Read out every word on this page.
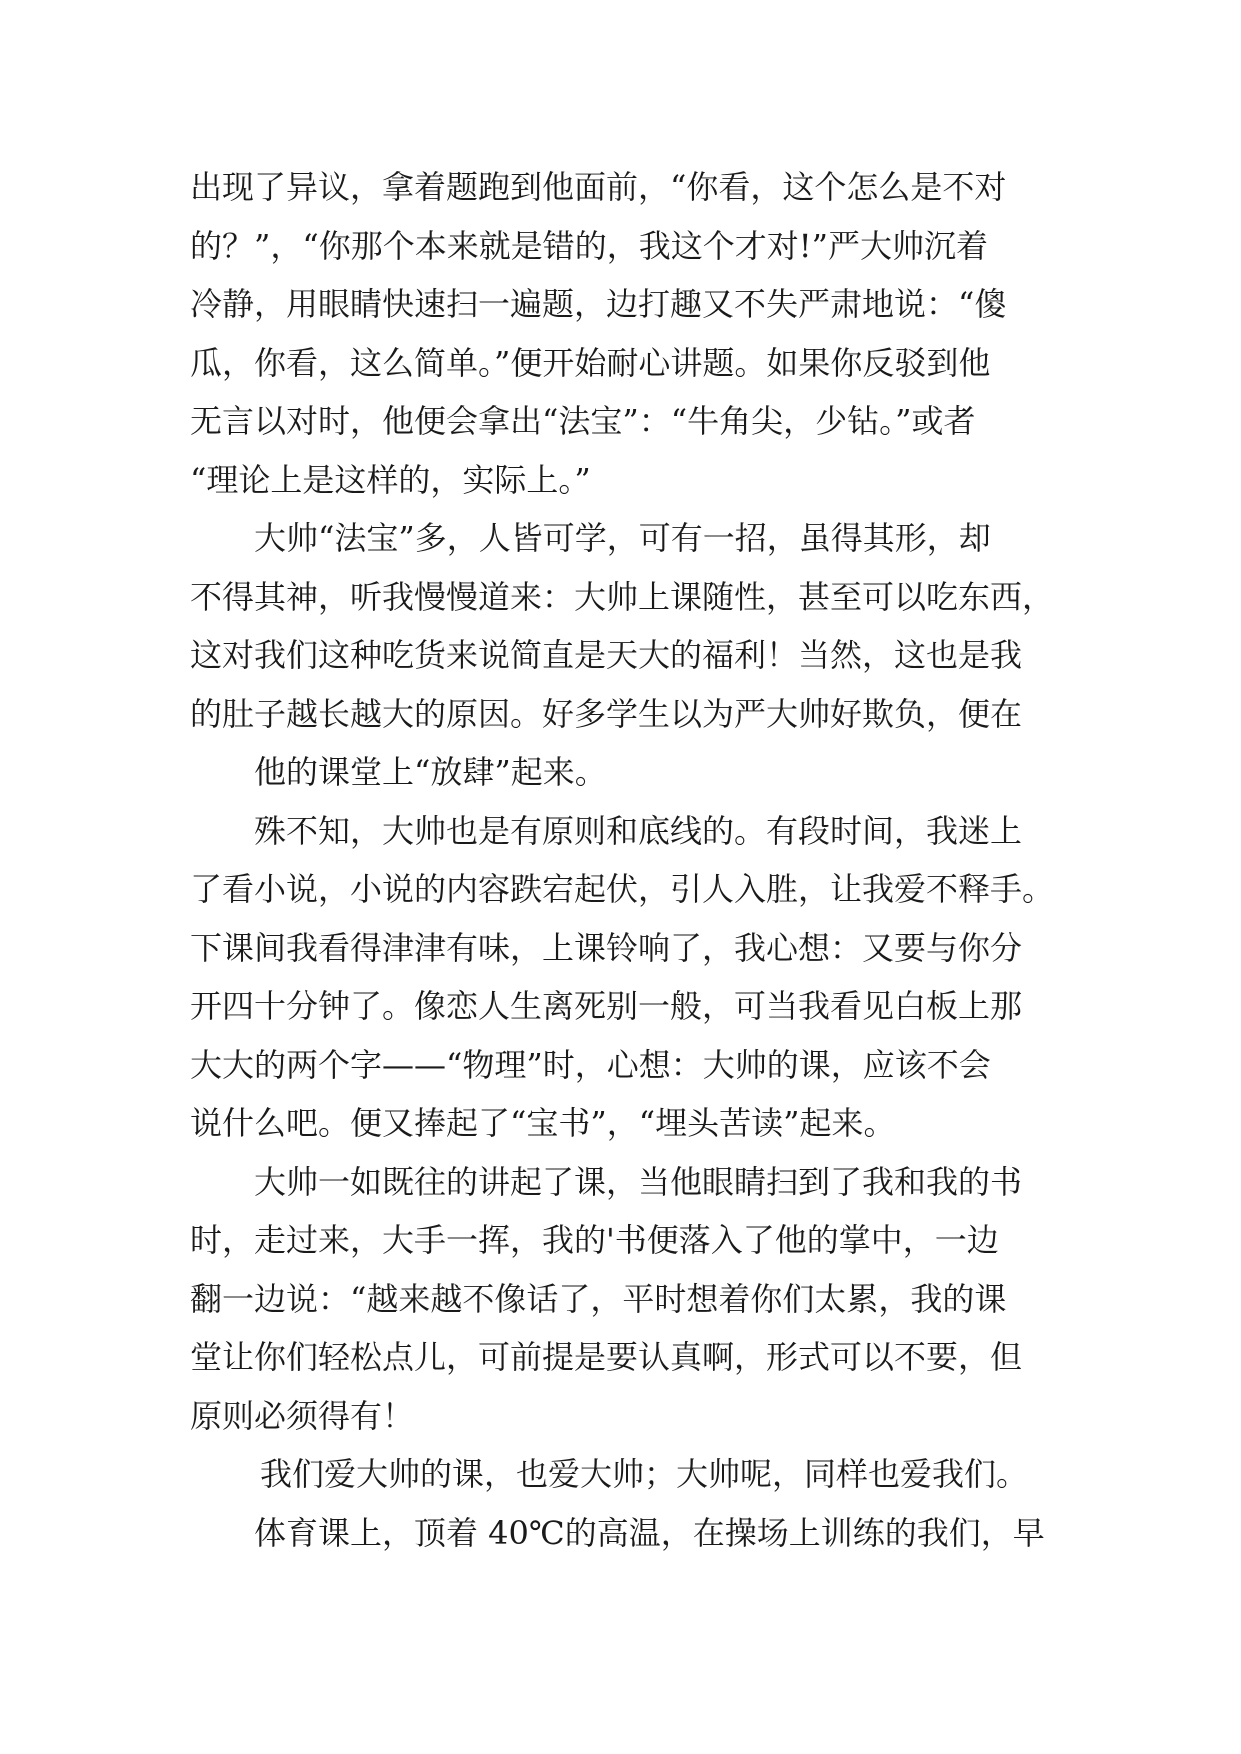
出现了异议，拿着题跑到他面前，“你看，这个怎么是不对
的？”，“你那个本来就是错的，我这个才对!”严大帅沉着
冷静，用眼睛快速扫一遍题，边打趣又不失严肃地说：“傻
瓜，你看，这么简单。”便开始耐心讲题。如果你反驳到他
无言以对时，他便会拿出“法宝”：“牛角尖，少钻。”或者
“理论上是这样的，实际上。”
大帅“法宝”多，人皆可学，可有一招，虽得其形，却
不得其神，听我慢慢道来：大帅上课随性，甚至可以吃东西，
这对我们这种吃货来说简直是天大的福利！当然，这也是我
的肚子越长越大的原因。好多学生以为严大帅好欺负，便在
他的课堂上“放肆”起来。
殊不知，大帅也是有原则和底线的。有段时间，我迷上
了看小说，小说的内容跌宕起伏，引人入胜，让我爱不释手。
下课间我看得津津有味，上课铃响了，我心想：又要与你分
开四十分钟了。像恋人生离死别一般，可当我看见白板上那
大大的两个字——“物理”时，心想：大帅的课，应该不会
说什么吧。便又捧起了“宝书”，“埋头苦读”起来。
大帅一如既往的讲起了课，当他眼睛扫到了我和我的书
时，走过来，大手一挥，我的'书便落入了他的掌中，一边
翻一边说：“越来越不像话了，平时想着你们太累，我的课
堂让你们轻松点儿，可前提是要认真啊，形式可以不要，但
原则必须得有！
我们爱大帅的课，也爱大帅；大帅呢，同样也爱我们。
体育课上，顶着 40℃的高温，在操场上训练的我们，早
